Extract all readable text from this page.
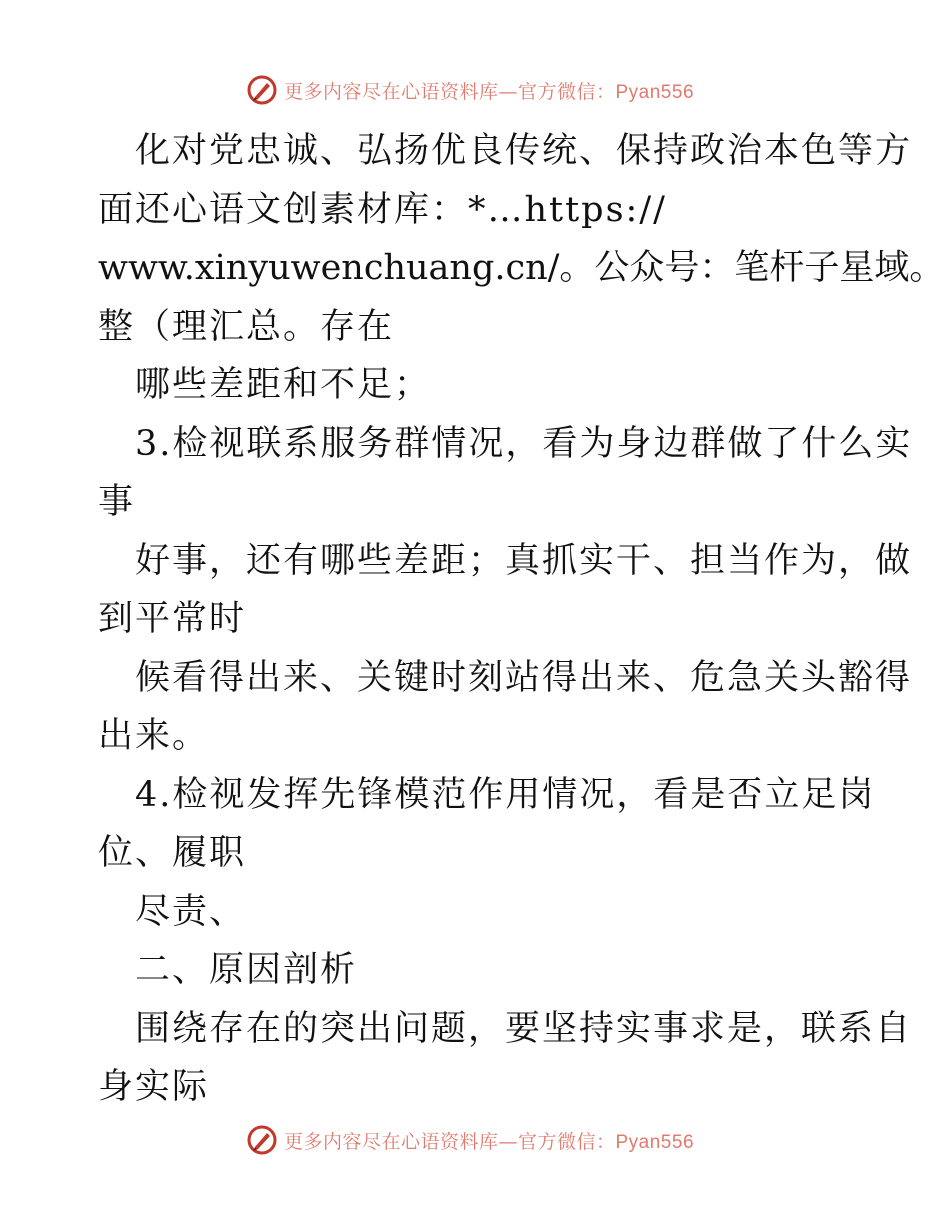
更多内容尽在心语资料库—官方微信：Pyan556
化对党忠诚、弘扬优良传统、保持政治本色等方
面还心语文创素材库：*…https://
www.xinyuwenchuang.cn/。公众号：笔杆子星域。
整（理汇总。存在
哪些差距和不足；
3.检视联系服务群情况，看为身边群做了什么实
事
好事，还有哪些差距；真抓实干、担当作为，做
到平常时
候看得出来、关键时刻站得出来、危急关头豁得
出来。
4.检视发挥先锋模范作用情况，看是否立足岗
位、履职
尽责、
二、原因剖析
围绕存在的突出问题，要坚持实事求是，联系自
身实际
更多内容尽在心语资料库—官方微信：Pyan556
